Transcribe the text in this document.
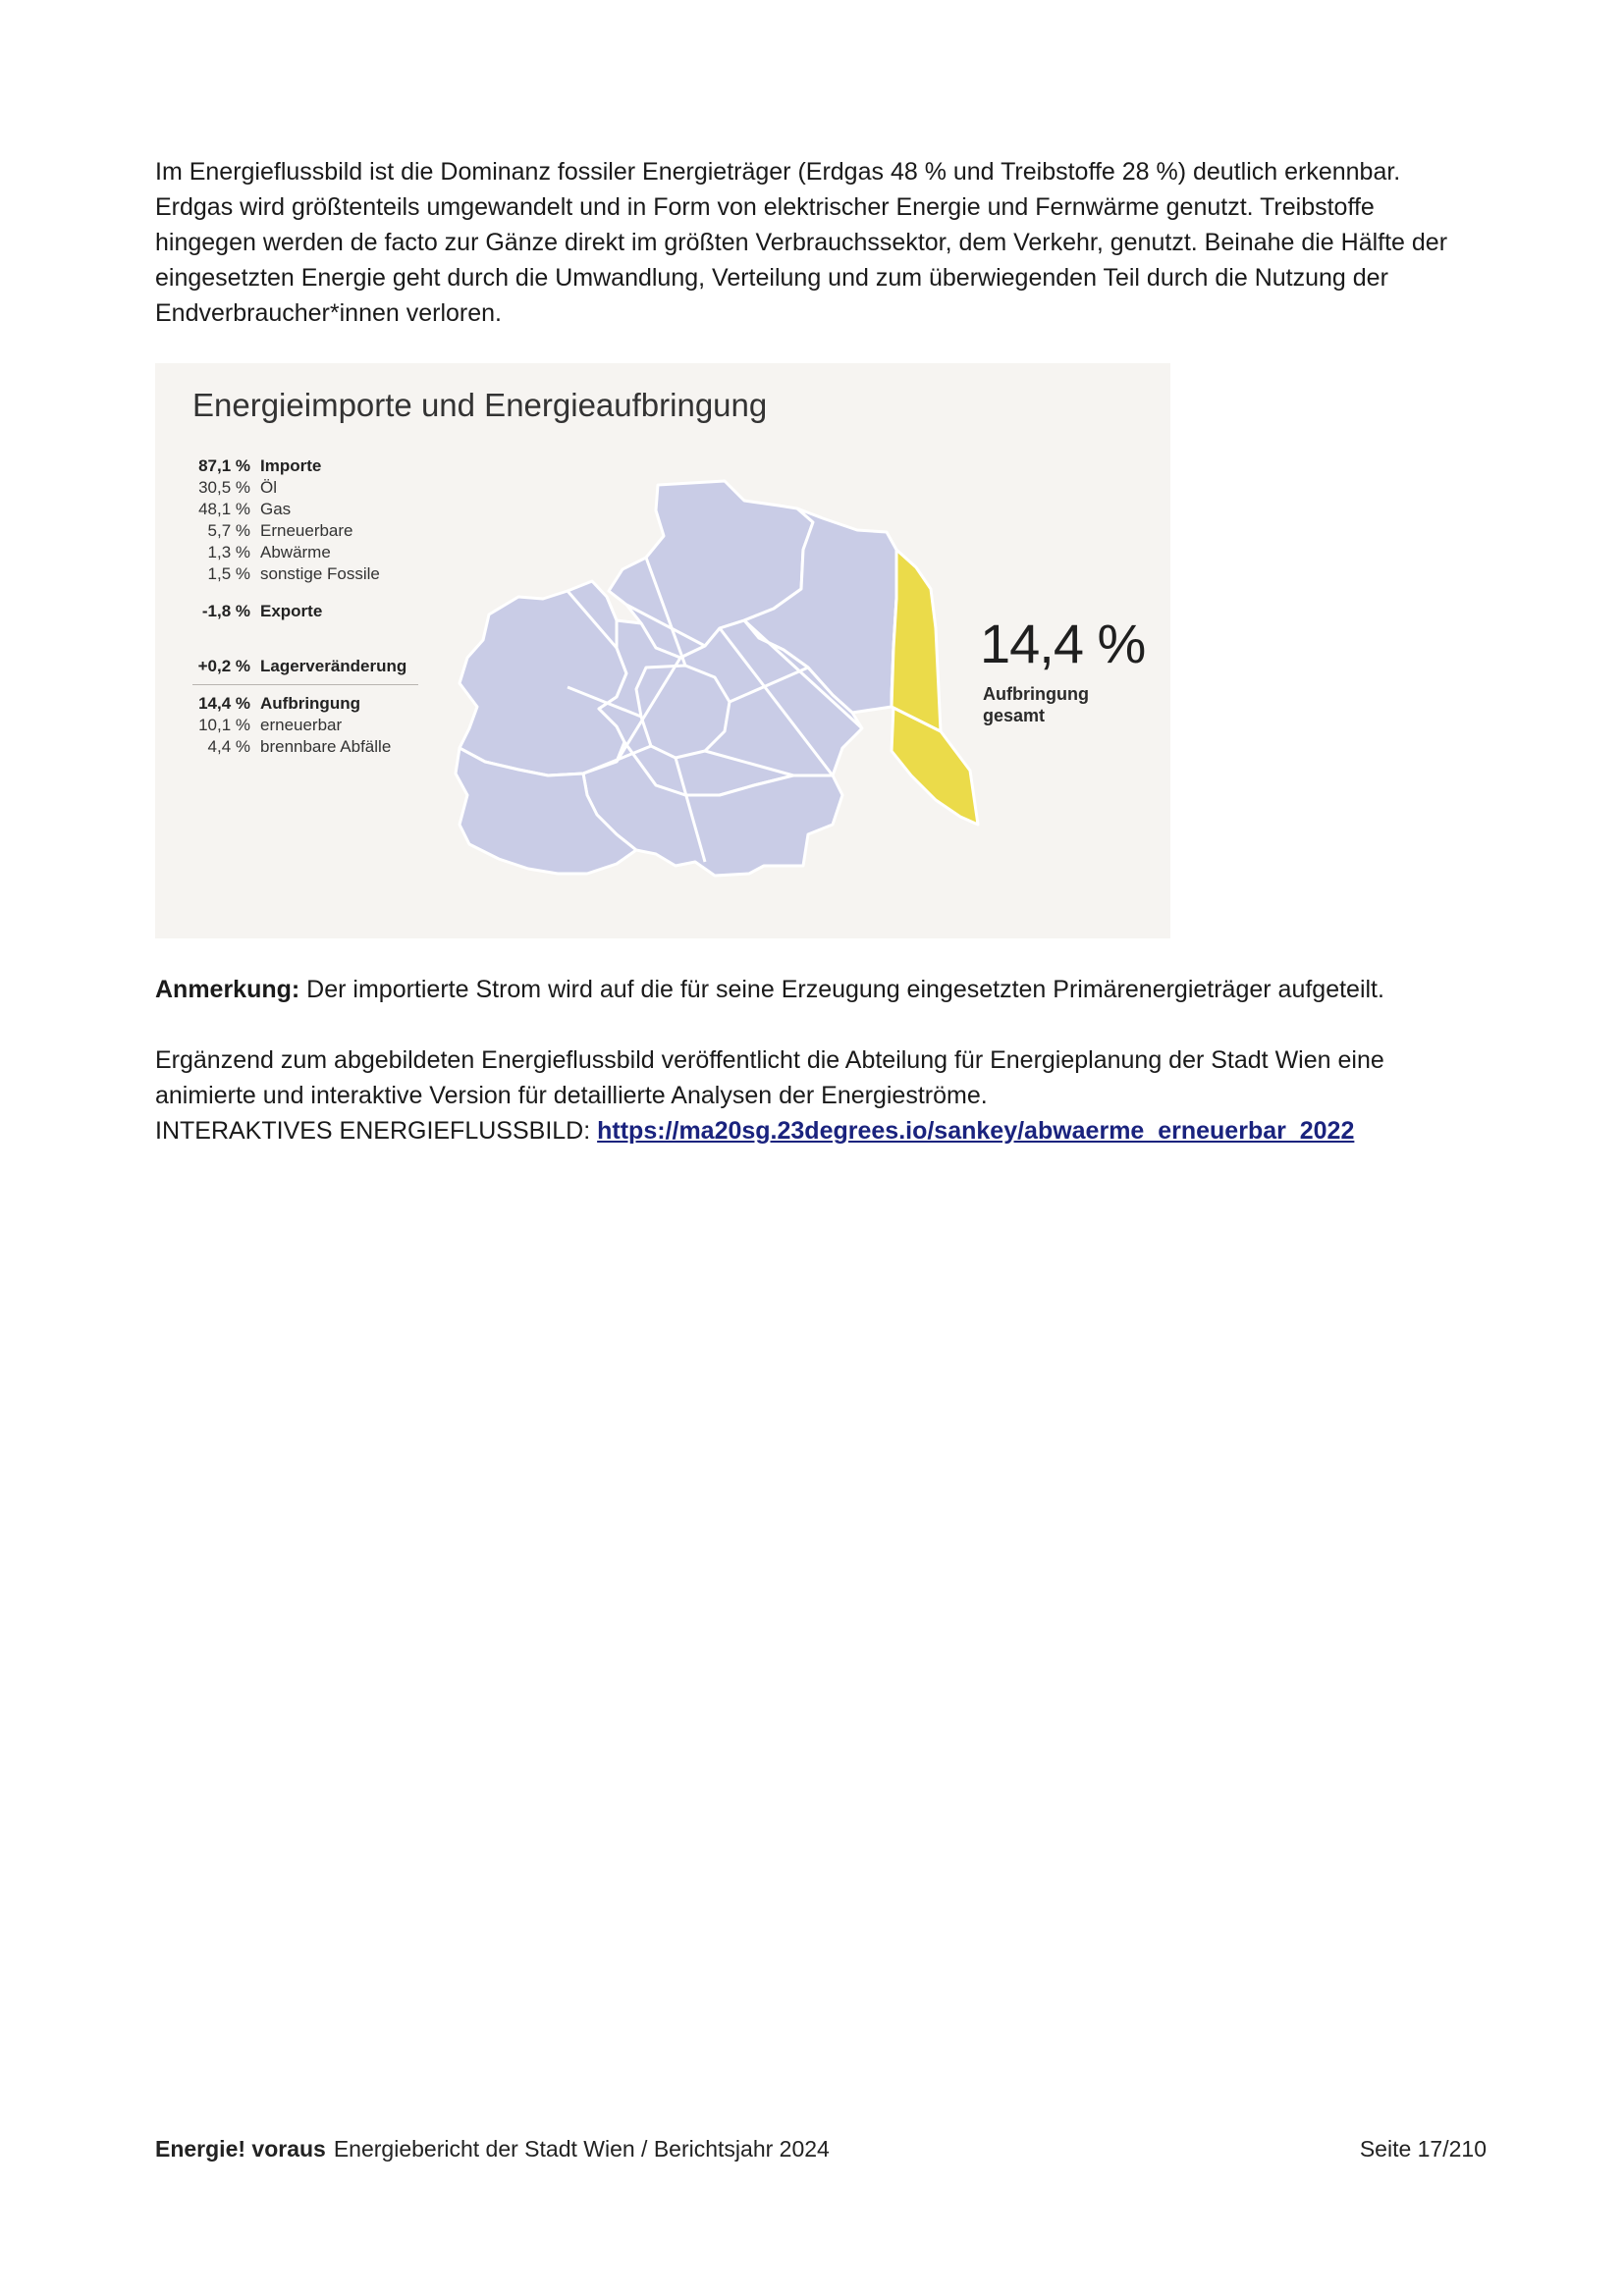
Im Energieflussbild ist die Dominanz fossiler Energieträger (Erdgas 48 % und Treibstoffe 28 %) deutlich erkennbar. Erdgas wird größtenteils umgewandelt und in Form von elektrischer Energie und Fernwärme genutzt. Treibstoffe hingegen werden de facto zur Gänze direkt im größten Verbrauchssektor, dem Verkehr, genutzt. Beinahe die Hälfte der eingesetzten Energie geht durch die Umwandlung, Verteilung und zum überwiegenden Teil durch die Nutzung der Endverbraucher*innen verloren.

Energieimporte und Energieaufbringung
87,1 % Importe
30,5 % Öl
48,1 % Gas
5,7 % Erneuerbare
1,3 % Abwärme
1,5 % sonstige Fossile
-1,8 % Exporte
+0,2 % Lagerveränderung
14,4 % Aufbringung
10,1 % erneuerbar
4,4 % brennbare Abfälle
14,4 %
Aufbringung gesamt

Anmerkung: Der importierte Strom wird auf die für seine Erzeugung eingesetzten Primärenergieträger aufgeteilt.

Ergänzend zum abgebildeten Energieflussbild veröffentlicht die Abteilung für Energieplanung der Stadt Wien eine animierte und interaktive Version für detaillierte Analysen der Energieströme.

INTERAKTIVES ENERGIEFLUSSBILD: https://ma20sg.23degrees.io/sankey/abwaerme_erneuerbar_2022

Energie! voraus Energiebericht der Stadt Wien / Berichtsjahr 2024	Seite 17/210
